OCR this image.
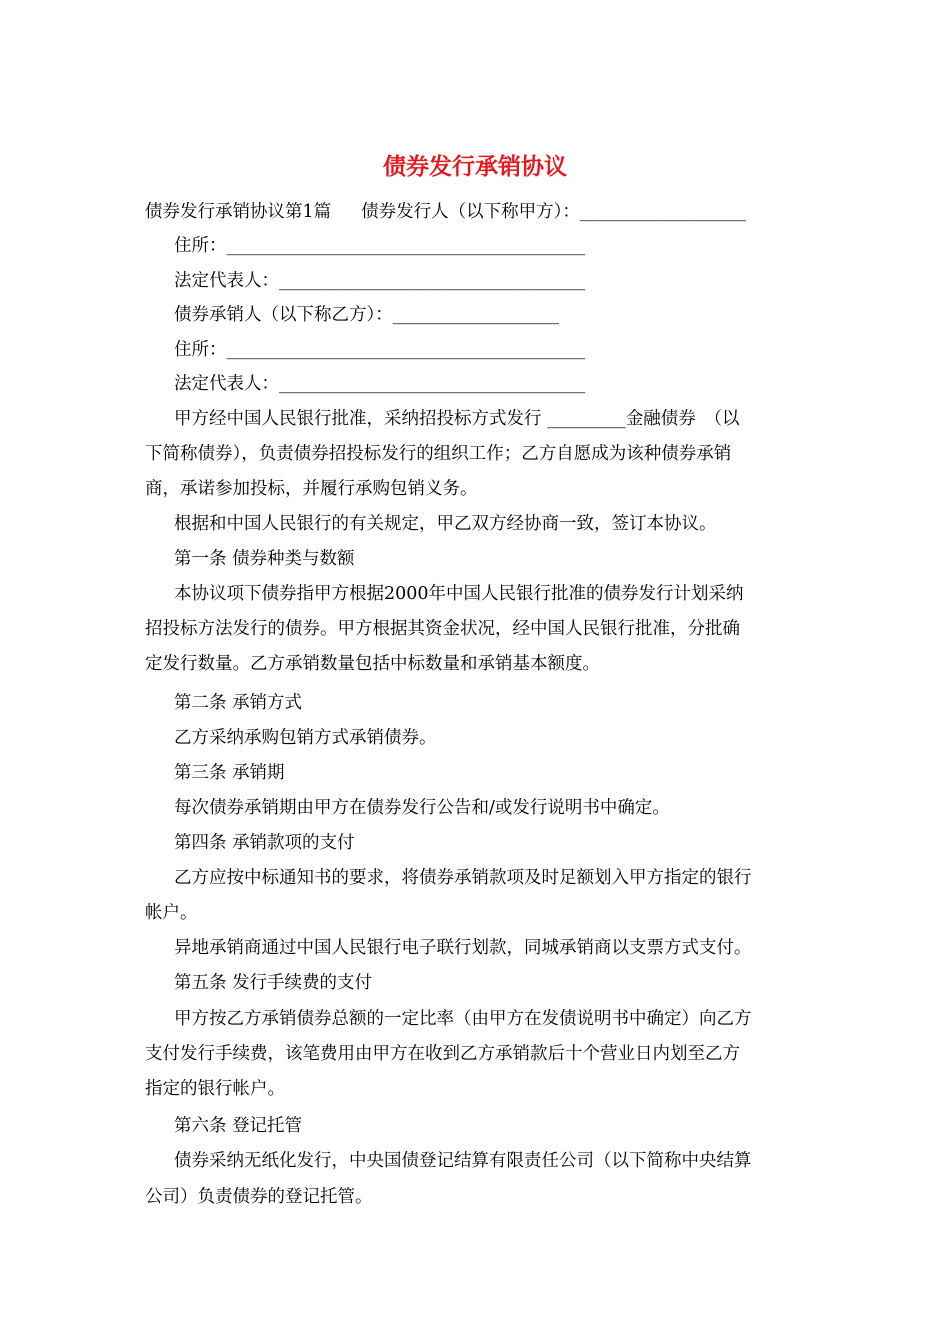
债券发行承销协议
债券发行承销协议第1篇 债券发行人（以下称甲方）：___________________
住所：_________________________________________
法定代表人：___________________________________
债券承销人（以下称乙方）：___________________
住所：_________________________________________
法定代表人：___________________________________
甲方经中国人民银行批准，采纳招投标方式发行 _________金融债券　（以
下简称债券），负责债券招投标发行的组织工作；乙方自愿成为该种债券承销
商，承诺参加投标，并履行承购包销义务。
根据和中国人民银行的有关规定，甲乙双方经协商一致，签订本协议。
第一条 债券种类与数额
本协议项下债券指甲方根据2000年中国人民银行批准的债券发行计划采纳
招投标方法发行的债券。甲方根据其资金状况，经中国人民银行批准，分批确
定发行数量。乙方承销数量包括中标数量和承销基本额度。
第二条 承销方式
乙方采纳承购包销方式承销债券。
第三条 承销期
每次债券承销期由甲方在债券发行公告和/或发行说明书中确定。
第四条 承销款项的支付
乙方应按中标通知书的要求，将债券承销款项及时足额划入甲方指定的银行
帐户。
异地承销商通过中国人民银行电子联行划款，同城承销商以支票方式支付。
第五条 发行手续费的支付
甲方按乙方承销债券总额的一定比率（由甲方在发债说明书中确定）向乙方
支付发行手续费，该笔费用由甲方在收到乙方承销款后十个营业日内划至乙方
指定的银行帐户。
第六条 登记托管
债券采纳无纸化发行，中央国债登记结算有限责任公司（以下简称中央结算
公司）负责债券的登记托管。
